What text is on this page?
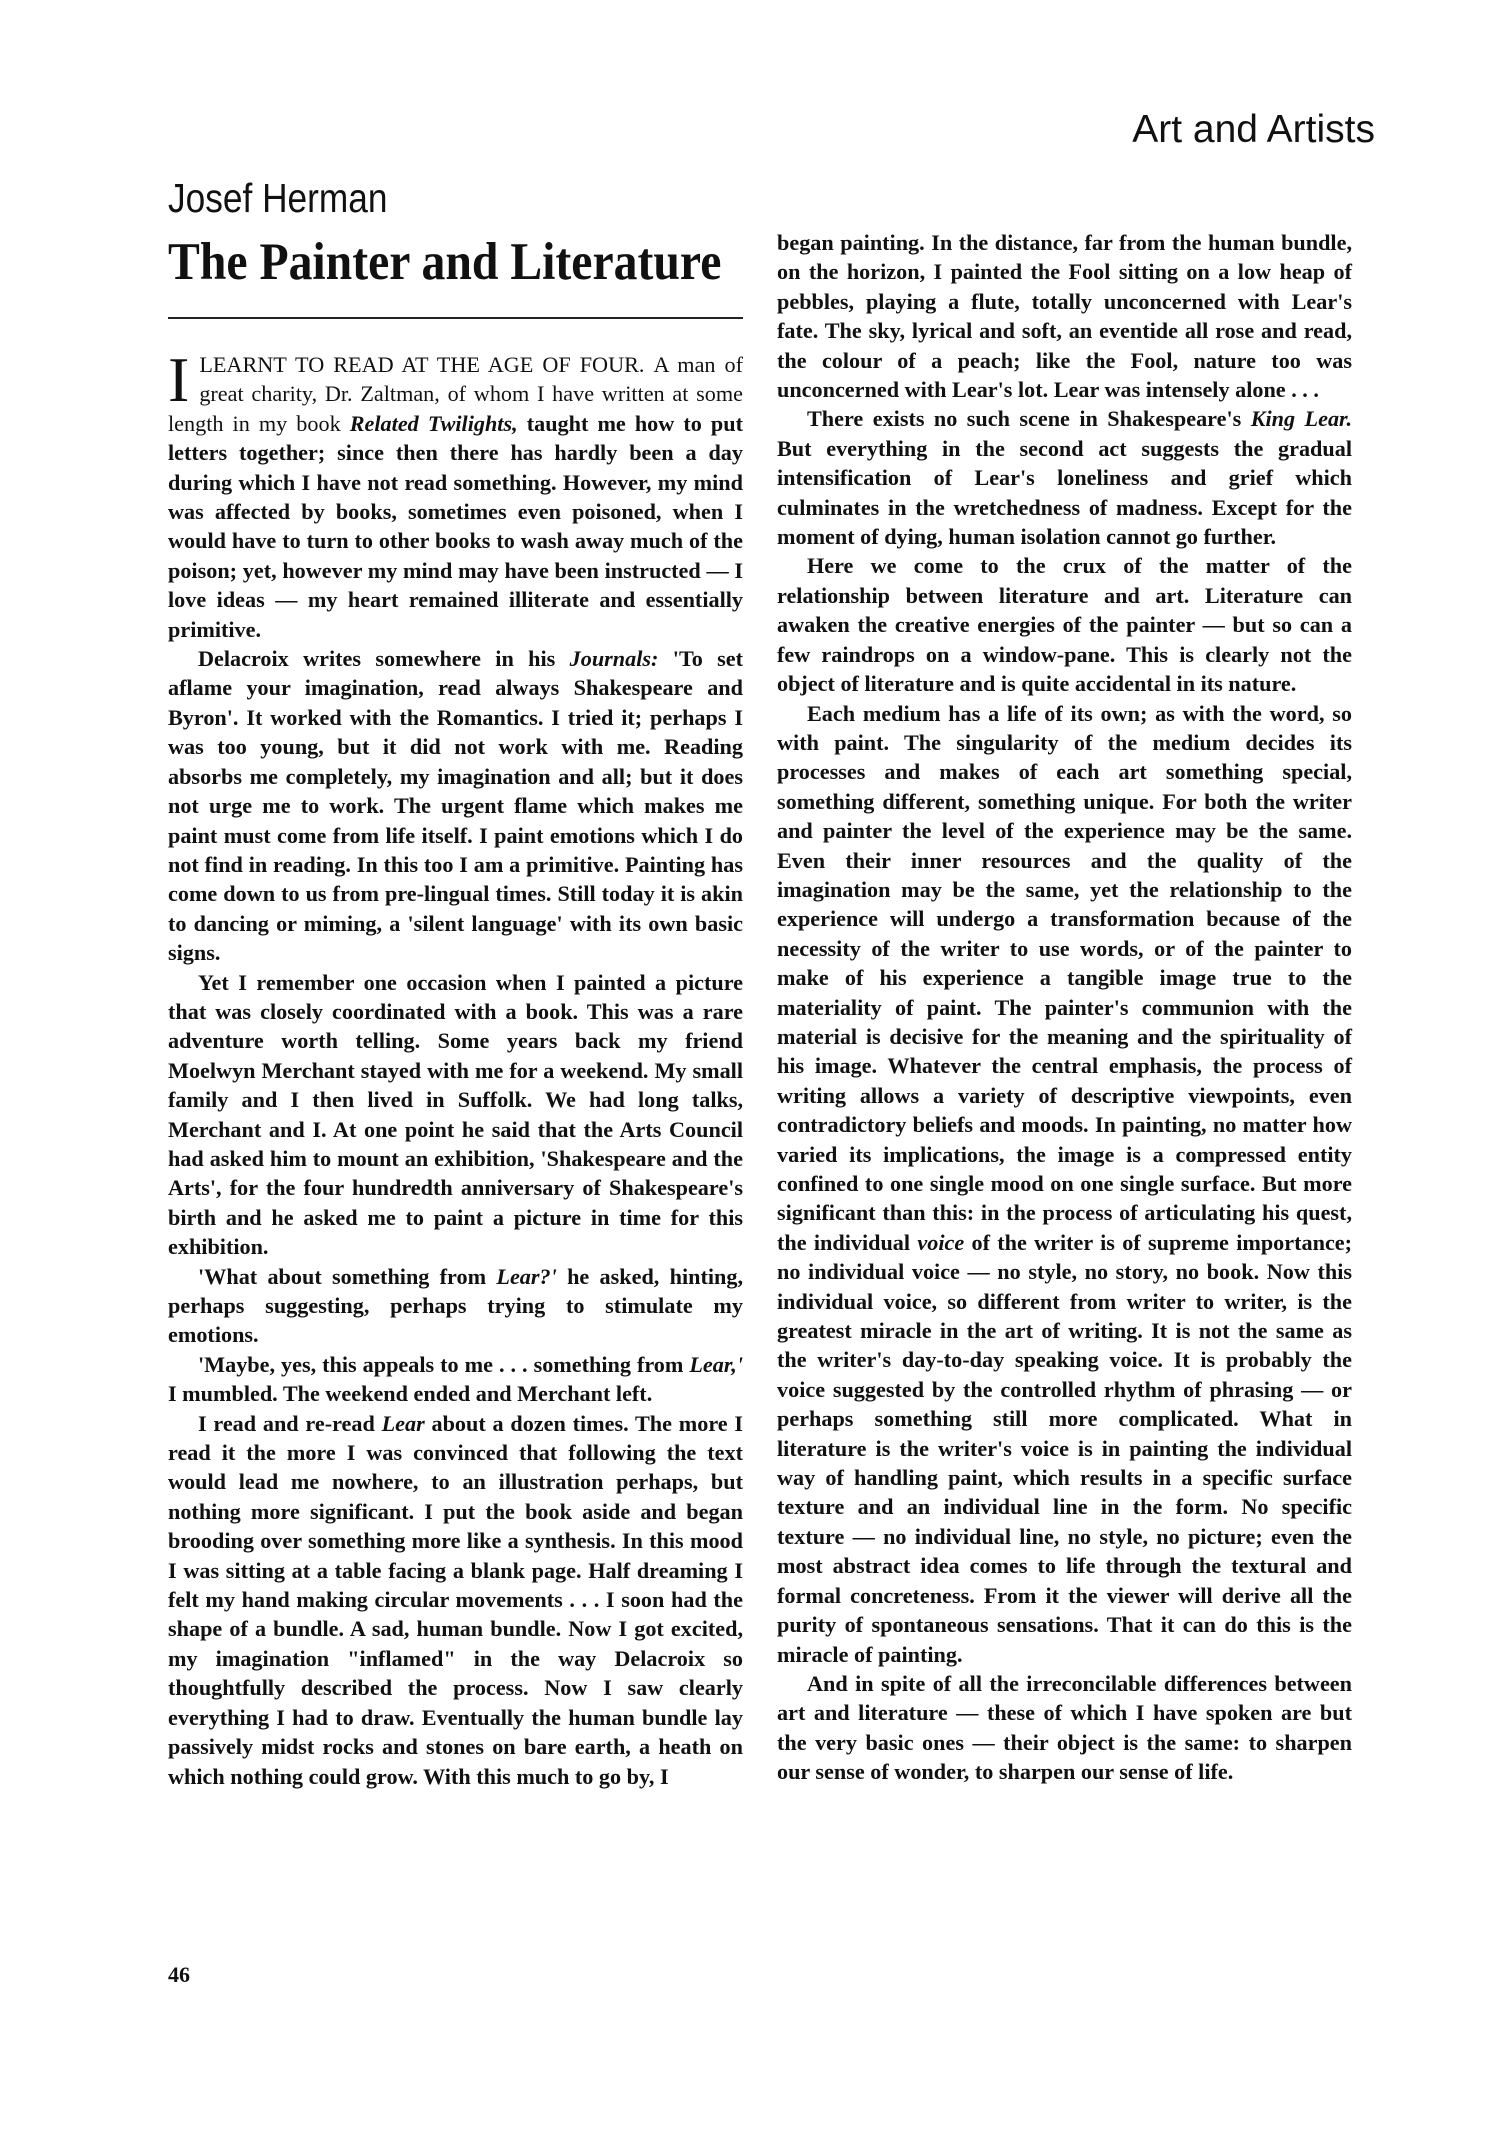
Art and Artists
Josef Herman
The Painter and Literature

I LEARNT TO READ AT THE AGE OF FOUR. A man of great charity, Dr. Zaltman, of whom I have written at some length in my book Related Twilights, taught me how to put letters together; since then there has hardly been a day during which I have not read something. However, my mind was affected by books, sometimes even poisoned, when I would have to turn to other books to wash away much of the poison; yet, however my mind may have been instructed — I love ideas — my heart remained illiterate and essentially primitive.

Delacroix writes somewhere in his Journals: 'To set aflame your imagination, read always Shakespeare and Byron'. It worked with the Romantics. I tried it; perhaps I was too young, but it did not work with me. Reading absorbs me completely, my imagination and all; but it does not urge me to work. The urgent flame which makes me paint must come from life itself. I paint emotions which I do not find in reading. In this too I am a primitive. Painting has come down to us from pre-lingual times. Still today it is akin to dancing or miming, a 'silent language' with its own basic signs.

Yet I remember one occasion when I painted a picture that was closely coordinated with a book. This was a rare adventure worth telling. Some years back my friend Moelwyn Merchant stayed with me for a weekend. My small family and I then lived in Suffolk. We had long talks, Merchant and I. At one point he said that the Arts Council had asked him to mount an exhibition, 'Shakespeare and the Arts', for the four hundredth anniversary of Shakespeare's birth and he asked me to paint a picture in time for this exhibition.

'What about something from Lear?' he asked, hinting, perhaps suggesting, perhaps trying to stimulate my emotions.

'Maybe, yes, this appeals to me . . . something from Lear,' I mumbled. The weekend ended and Merchant left.

I read and re-read Lear about a dozen times. The more I read it the more I was convinced that following the text would lead me nowhere, to an illustration perhaps, but nothing more significant. I put the book aside and began brooding over something more like a synthesis. In this mood I was sitting at a table facing a blank page. Half dreaming I felt my hand making circular movements . . . I soon had the shape of a bundle. A sad, human bundle. Now I got excited, my imagination "inflamed" in the way Delacroix so thoughtfully described the process. Now I saw clearly everything I had to draw. Eventually the human bundle lay passively midst rocks and stones on bare earth, a heath on which nothing could grow. With this much to go by, I

began painting. In the distance, far from the human bundle, on the horizon, I painted the Fool sitting on a low heap of pebbles, playing a flute, totally unconcerned with Lear's fate. The sky, lyrical and soft, an eventide all rose and read, the colour of a peach; like the Fool, nature too was unconcerned with Lear's lot. Lear was intensely alone . . .

There exists no such scene in Shakespeare's King Lear. But everything in the second act suggests the gradual intensification of Lear's loneliness and grief which culminates in the wretchedness of madness. Except for the moment of dying, human isolation cannot go further.

Here we come to the crux of the matter of the relationship between literature and art. Literature can awaken the creative energies of the painter — but so can a few raindrops on a window-pane. This is clearly not the object of literature and is quite accidental in its nature.

Each medium has a life of its own; as with the word, so with paint. The singularity of the medium decides its processes and makes of each art something special, something different, something unique. For both the writer and painter the level of the experience may be the same. Even their inner resources and the quality of the imagination may be the same, yet the relationship to the experience will undergo a transformation because of the necessity of the writer to use words, or of the painter to make of his experience a tangible image true to the materiality of paint. The painter's communion with the material is decisive for the meaning and the spirituality of his image. Whatever the central emphasis, the process of writing allows a variety of descriptive viewpoints, even contradictory beliefs and moods. In painting, no matter how varied its implications, the image is a compressed entity confined to one single mood on one single surface. But more significant than this: in the process of articulating his quest, the individual voice of the writer is of supreme importance; no individual voice — no style, no story, no book. Now this individual voice, so different from writer to writer, is the greatest miracle in the art of writing. It is not the same as the writer's day-to-day speaking voice. It is probably the voice suggested by the controlled rhythm of phrasing — or perhaps something still more complicated. What in literature is the writer's voice is in painting the individual way of handling paint, which results in a specific surface texture and an individual line in the form. No specific texture — no individual line, no style, no picture; even the most abstract idea comes to life through the textural and formal concreteness. From it the viewer will derive all the purity of spontaneous sensations. That it can do this is the miracle of painting.

And in spite of all the irreconcilable differences between art and literature — these of which I have spoken are but the very basic ones — their object is the same: to sharpen our sense of wonder, to sharpen our sense of life.

46
